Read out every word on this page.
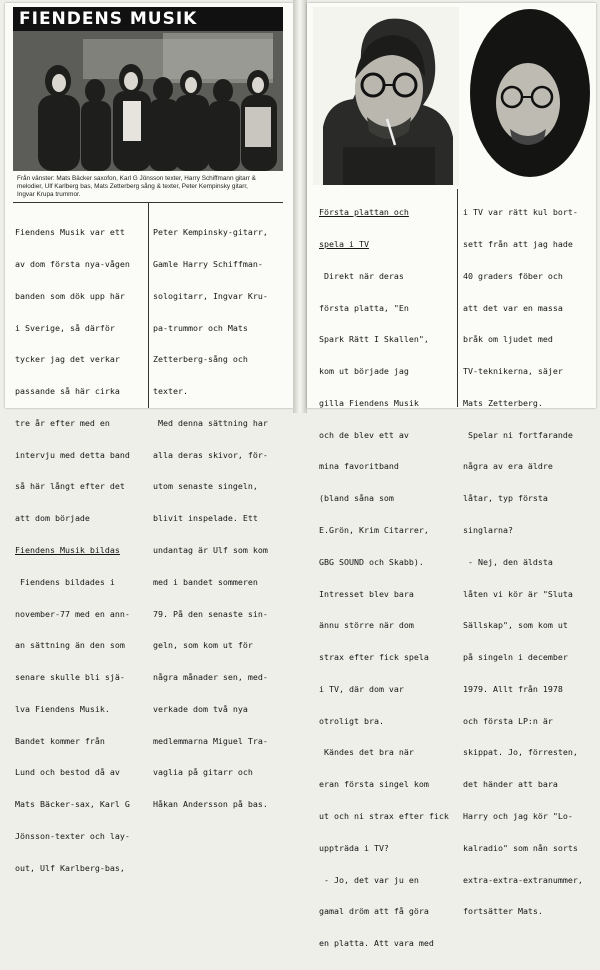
FIENDENS MUSIK
Från vänster: Mats Bäcker saxofon, Karl G Jönsson texter, Harry Schiffmann gitarr &
melodier, Ulf Karlberg bas, Mats Zetterberg sång & texter, Peter Kempinsky gitarr,
Ingvar Krupa trummor.

Fiendens Musik var ett

av dom första nya-vågen

banden som dök upp här

i Sverige, så därför

tycker jag det verkar

passande så här cirka

tre år efter med en

intervju med detta band

så här långt efter det

att dom började

Fiendens Musik bildas

Fiendens bildades i

november-77 med en ann-

an sättning än den som

senare skulle bli sjä-

lva Fiendens Musik.

Bandet kommer från

Lund och bestod då av

Mats Bäcker-sax, Karl G

Jönsson-texter och lay-

out, Ulf Karlberg-bas,

Peter Kempinsky-gitarr,

Gamle Harry Schiffman-

sologitarr, Ingvar Kru-

pa-trummor och Mats

Zetterberg-sång och

texter.

Med denna sättning har

alla deras skivor, för-

utom senaste singeln,

blivit inspelade. Ett

undantag är Ulf som kom

med i bandet sommeren

79. På den senaste sin-

geln, som kom ut för

några månader sen, med-

verkade dom två nya

medlemmarna Miguel Tra-

vaglia på gitarr och

Håkan Andersson på bas.

Första plattan och

spela i TV

Direkt när deras

första platta, "En

Spark Rätt I Skallen",

kom ut började jag

gilla Fiendens Musik

och de blev ett av

mina favoritband

(bland såna som

E.Grön, Krim Citarrer,

GBG SOUND och Skabb).

Intresset blev bara

ännu större när dom

strax efter fick spela

i TV, där dom var

otroligt bra.

Kändes det bra när

eran första singel kom

ut och ni strax efter fick

uppträda i TV?

- Jo, det var ju en

gamal dröm att få göra

en platta. Att vara med

i TV var rätt kul bort-

sett från att jag hade

40 graders föber och

att det var en massa

bråk om ljudet med

TV-teknikerna, säjer

Mats Zetterberg.

Spelar ni fortfarande

några av era äldre

låtar, typ första

singlarna?

- Nej, den äldsta

låten vi kör är "Sluta

Sällskap", som kom ut

på singeln i december

1979. Allt från 1978

och första LP:n är

skippat. Jo, förresten,

det händer att bara

Harry och jag kör "Lo-

kalradio" som nån sorts

extra-extra-extranummer,

fortsätter Mats.
